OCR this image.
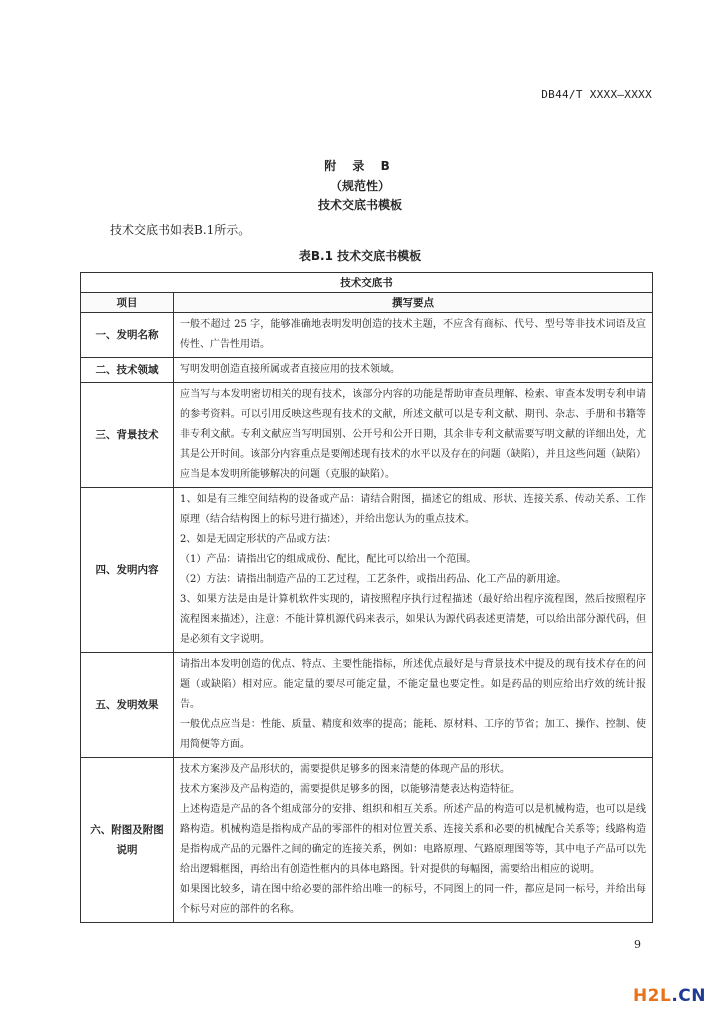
DB44/T XXXX—XXXX
附 录 B
（规范性）
技术交底书模板
技术交底书如表B.1所示。
表B.1 技术交底书模板
技术交底书	
项目	撰写要点
一、发明名称	一般不超过 25 字，能够准确地表明发明创造的技术主题，不应含有商标、代号、型号等非技术词语及宣传性、广告性用语。

二、技术领域	写明发明创造直接所属或者直接应用的技术领域。

三、背景技术	应当写与本发明密切相关的现有技术，该部分内容的功能是帮助审查员理解、检索、审查本发明专利申请的参考资料。可以引用反映这些现有技术的文献，所述文献可以是专利文献、期刊、杂志、手册和书籍等非专利文献。专利文献应当写明国别、公开号和公开日期，其余非专利文献需要写明文献的详细出处，尤其是公开时间。该部分内容重点是要阐述现有技术的水平以及存在的问题（缺陷），并且这些问题（缺陷）应当是本发明所能够解决的问题（克服的缺陷）。

四、发明内容	1、如是有三维空间结构的设备或产品：请结合附图，描述它的组成、形状、连接关系、传动关系、工作原理（结合结构图上的标号进行描述），并给出您认为的重点技术。

2、如是无固定形状的产品或方法：

（1）产品：请指出它的组成成份、配比，配比可以给出一个范围。

（2）方法：请指出制造产品的工艺过程，工艺条件，或指出药品、化工产品的新用途。

3、如果方法是由是计算机软件实现的，请按照程序执行过程描述（最好给出程序流程图，然后按照程序流程图来描述），注意：不能计算机源代码来表示，如果认为源代码表述更清楚，可以给出部分源代码，但是必须有文字说明。

五、发明效果	请指出本发明创造的优点、特点、主要性能指标，所述优点最好是与背景技术中提及的现有技术存在的问题（或缺陷）相对应。能定量的要尽可能定量，不能定量也要定性。如是药品的则应给出疗效的统计报告。

一般优点应当是：性能、质量、精度和效率的提高；能耗、原材料、工序的节省；加工、操作、控制、使用简便等方面。

六、附图及附图说明	技术方案涉及产品形状的，需要提供足够多的图来清楚的体现产品的形状。

技术方案涉及产品构造的，需要提供足够多的图，以能够清楚表达构造特征。

上述构造是产品的各个组成部分的安排、组织和相互关系。所述产品的构造可以是机械构造，也可以是线路构造。机械构造是指构成产品的零部件的相对位置关系、连接关系和必要的机械配合关系等；线路构造是指构成产品的元器件之间的确定的连接关系，例如：电路原理、气路原理图等等，其中电子产品可以先给出逻辑框图，再给出有创造性框内的具体电路图。针对提供的每幅图，需要给出相应的说明。

如果图比较多，请在图中给必要的部件给出唯一的标号，不同图上的同一件，都应是同一标号，并给出每个标号对应的部件的名称。

9
H2L.CN
